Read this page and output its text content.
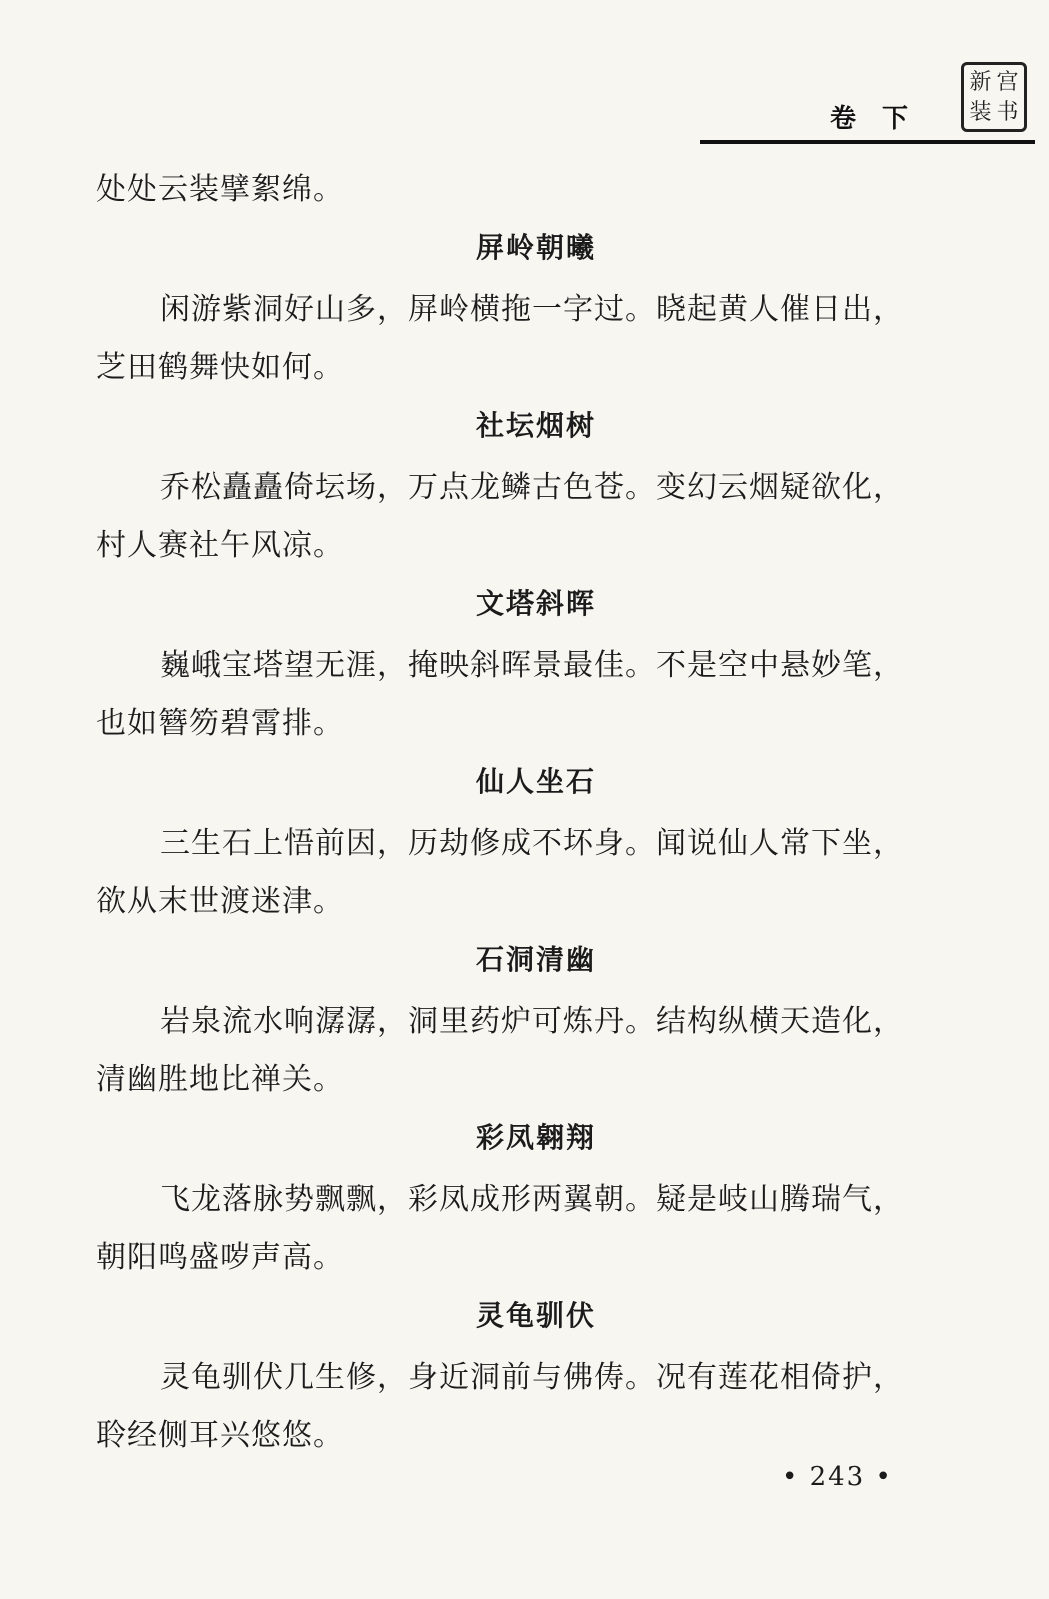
新 宫
装 书
卷下
处处云装擘絮绵。
屏岭朝曦
闲游紫洞好山多，屏岭横拖一字过。晓起黄人催日出，
芝田鹤舞快如何。
社坛烟树
乔松矗矗倚坛场，万点龙鳞古色苍。变幻云烟疑欲化，
村人赛社午风凉。
文塔斜晖
巍峨宝塔望无涯，掩映斜晖景最佳。不是空中悬妙笔，
也如簪笏碧霄排。
仙人坐石
三生石上悟前因，历劫修成不坏身。闻说仙人常下坐，
欲从末世渡迷津。
石洞清幽
岩泉流水响潺潺，洞里药炉可炼丹。结构纵横天造化，
清幽胜地比禅关。
彩凤翱翔
飞龙落脉势飘飘，彩凤成形两翼朝。疑是岐山腾瑞气，
朝阳鸣盛哕声高。
灵龟驯伏
灵龟驯伏几生修，身近洞前与佛俦。况有莲花相倚护，
聆经侧耳兴悠悠。
• 243 •
